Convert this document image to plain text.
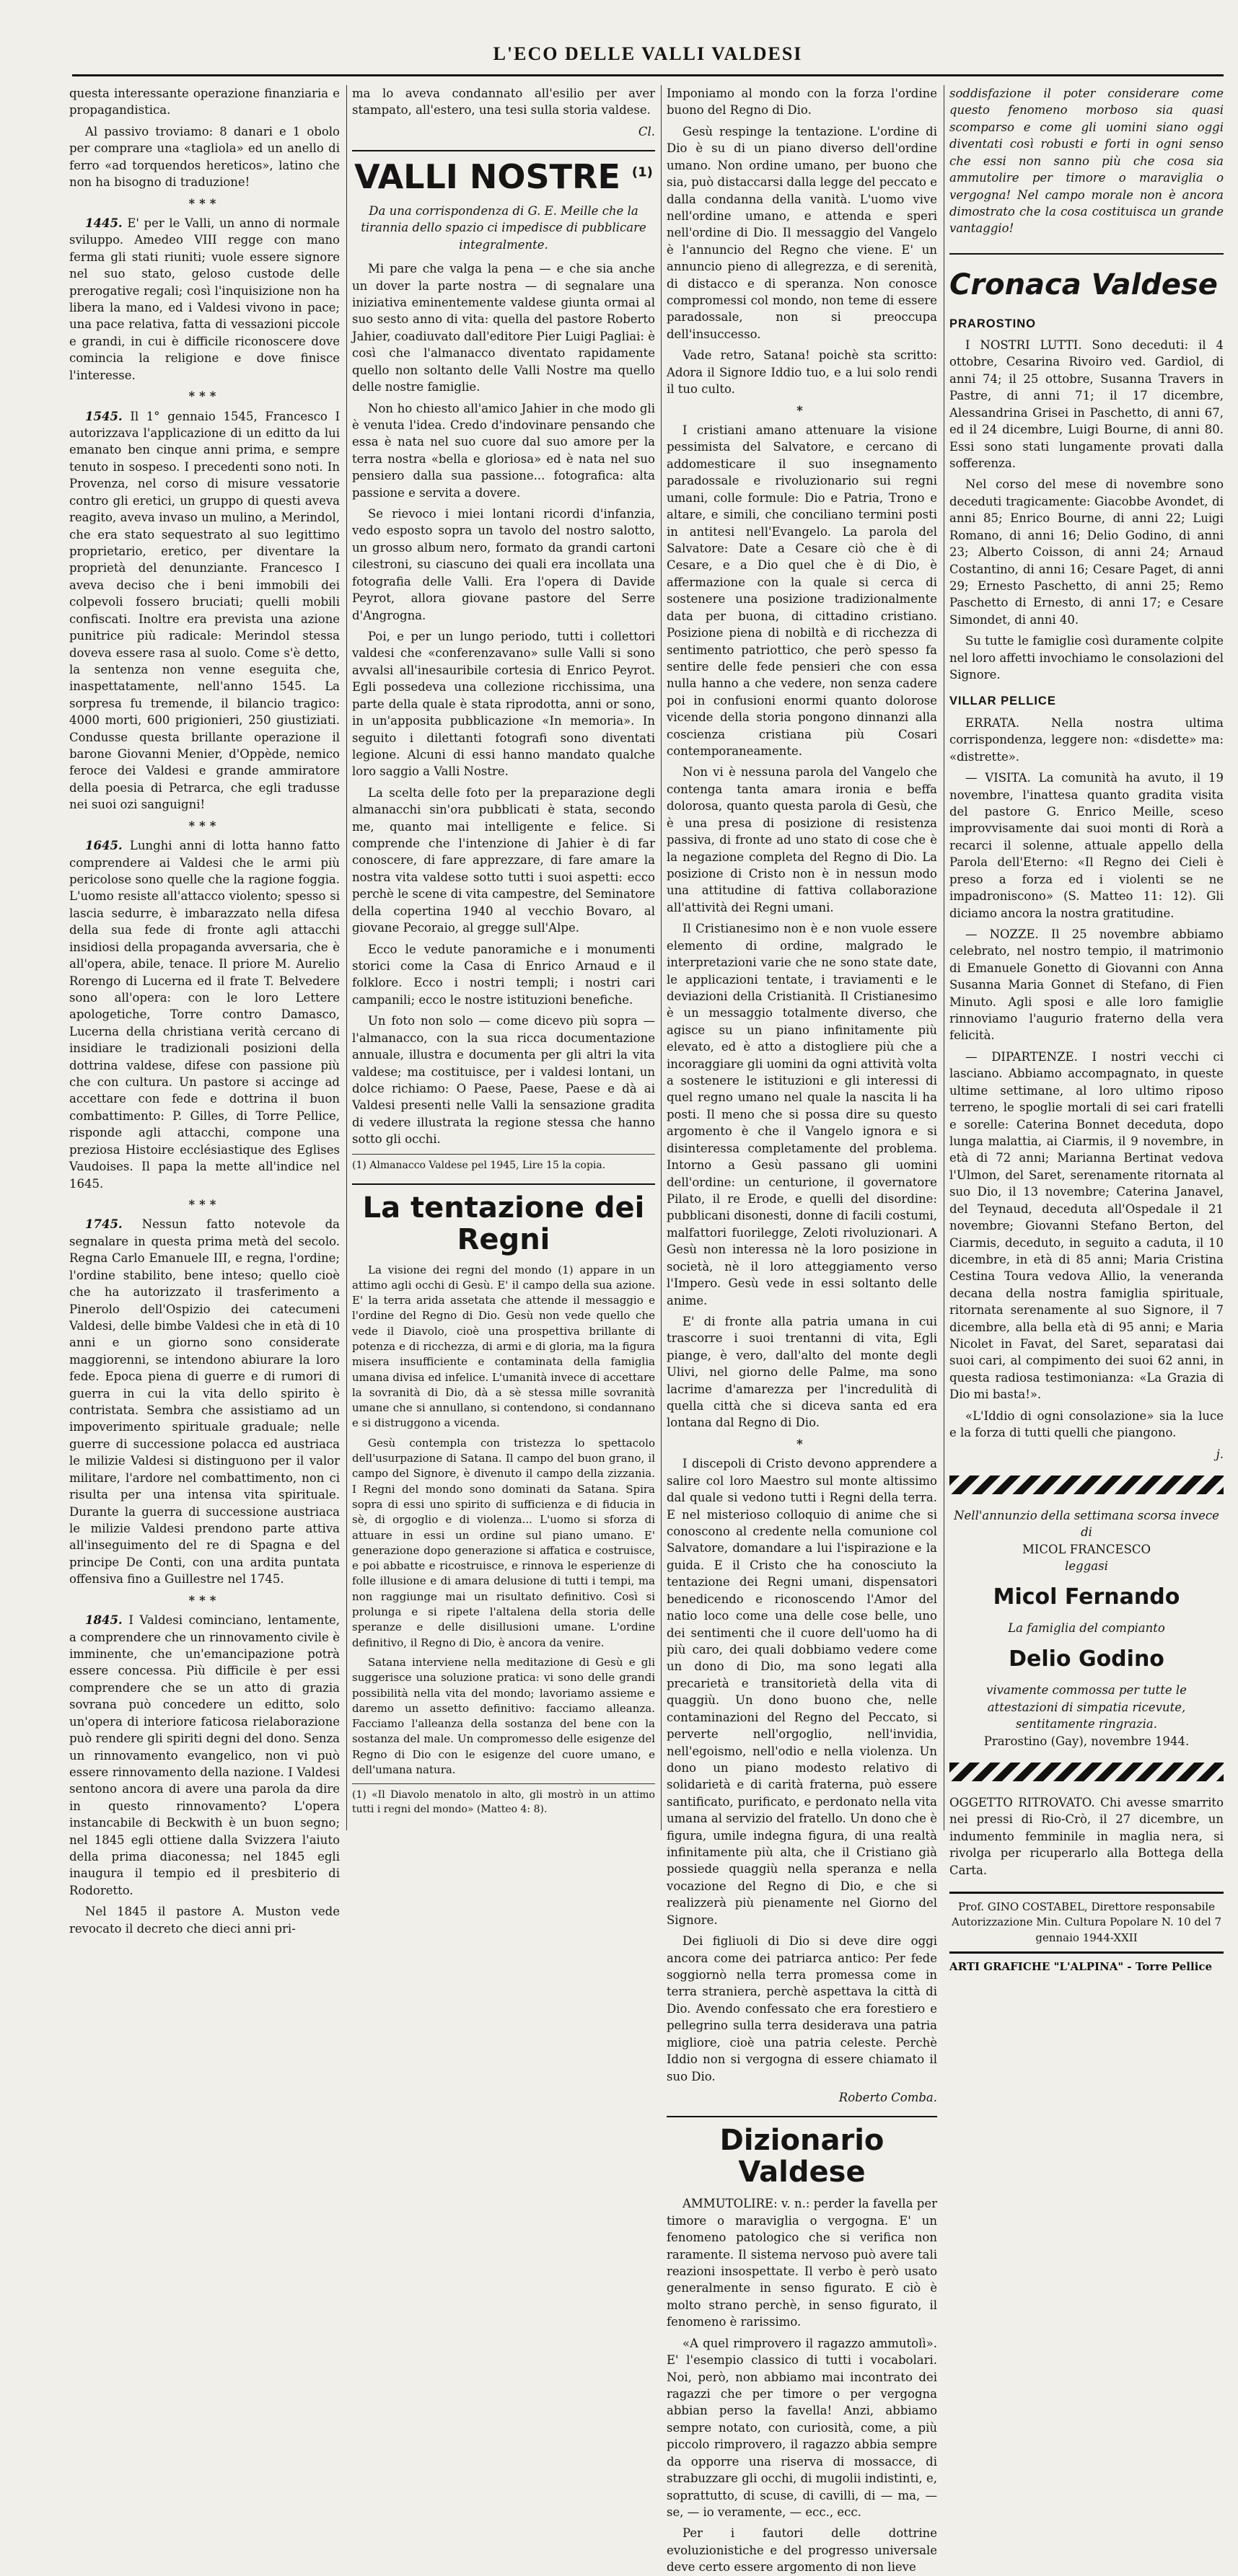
L'ECO DELLE VALLI VALDESI

questa interessante operazione finanziaria e propagandistica.

Al passivo troviamo: 8 danari e 1 obolo per comprare una «tagliola» ed un anello di ferro «ad torquendos hereticos», latino che non ha bisogno di traduzione!

***

1445. E' per le Valli, un anno di normale sviluppo. Amedeo VIII regge con mano ferma gli stati riuniti; vuole essere signore nel suo stato, geloso custode delle prerogative regali; così l'inquisizione non ha libera la mano, ed i Valdesi vivono in pace; una pace relativa, fatta di vessazioni piccole e grandi, in cui è difficile riconoscere dove comincia la religione e dove finisce l'interesse.

***

1545. Il 1° gennaio 1545, Francesco I autorizzava l'applicazione di un editto da lui emanato ben cinque anni prima, e sempre tenuto in sospeso. I precedenti sono noti. In Provenza, nel corso di misure vessatorie contro gli eretici, un gruppo di questi aveva reagito, aveva invaso un mulino, a Merindol, che era stato sequestrato al suo legittimo proprietario, eretico, per diventare la proprietà del denunziante. Francesco I aveva deciso che i beni immobili dei colpevoli fossero bruciati; quelli mobili confiscati. Inoltre era prevista una azione punitrice più radicale: Merindol stessa doveva essere rasa al suolo. Come s'è detto, la sentenza non venne eseguita che, inaspettatamente, nell'anno 1545. La sorpresa fu tremende, il bilancio tragico: 4000 morti, 600 prigionieri, 250 giustiziati. Condusse questa brillante operazione il barone Giovanni Menier, d'Oppède, nemico feroce dei Valdesi e grande ammiratore della poesia di Petrarca, che egli tradusse nei suoi ozi sanguigni!

***

1645. Lunghi anni di lotta hanno fatto comprendere ai Valdesi che le armi più pericolose sono quelle che la ragione foggia. L'uomo resiste all'attacco violento; spesso si lascia sedurre, è imbarazzato nella difesa della sua fede di fronte agli attacchi insidiosi della propaganda avversaria, che è all'opera, abile, tenace. Il priore M. Aurelio Rorengo di Lucerna ed il frate T. Belvedere sono all'opera: con le loro Lettere apologetiche, Torre contro Damasco, Lucerna della christiana verità cercano di insidiare le tradizionali posizioni della dottrina valdese, difese con passione più che con cultura. Un pastore si accinge ad accettare con fede e dottrina il buon combattimento: P. Gilles, di Torre Pellice, risponde agli attacchi, compone una preziosa Histoire ecclésiastique des Eglises Vaudoises. Il papa la mette all'indice nel 1645.

***

1745. Nessun fatto notevole da segnalare in questa prima metà del secolo. Regna Carlo Emanuele III, e regna, l'ordine; l'ordine stabilito, bene inteso; quello cioè che ha autorizzato il trasferimento a Pinerolo dell'Ospizio dei catecumeni Valdesi, delle bimbe Valdesi che in età di 10 anni e un giorno sono considerate maggiorenni, se intendono abiurare la loro fede. Epoca piena di guerre e di rumori di guerra in cui la vita dello spirito è contristata. Sembra che assistiamo ad un impoverimento spirituale graduale; nelle guerre di successione polacca ed austriaca le milizie Valdesi si distinguono per il valor militare, l'ardore nel combattimento, non ci risulta per una intensa vita spirituale. Durante la guerra di successione austriaca le milizie Valdesi prendono parte attiva all'inseguimento del re di Spagna e del principe De Conti, con una ardita puntata offensiva fino a Guillestre nel 1745.

***

1845. I Valdesi cominciano, lentamente, a comprendere che un rinnovamento civile è imminente, che un'emancipazione potrà essere concessa. Più difficile è per essi comprendere che se un atto di grazia sovrana può concedere un editto, solo un'opera di interiore faticosa rielaborazione può rendere gli spiriti degni del dono. Senza un rinnovamento evangelico, non vi può essere rinnovamento della nazione. I Valdesi sentono ancora di avere una parola da dire in questo rinnovamento? L'opera instancabile di Beckwith è un buon segno; nel 1845 egli ottiene dalla Svizzera l'aiuto della prima diaconessa; nel 1845 egli inaugura il tempio ed il presbiterio di Rodoretto.

Nel 1845 il pastore A. Muston vede revocato il decreto che dieci anni pri-

ma lo aveva condannato all'esilio per aver stampato, all'estero, una tesi sulla storia valdese.

Cl.

VALLI NOSTRE $^{(1)}$

Da una corrispondenza di G. E. Meille che la tirannia dello spazio ci impedisce di pubblicare integralmente.

Mi pare che valga la pena — e che sia anche un dover la parte nostra — di segnalare una iniziativa eminentemente valdese giunta ormai al suo sesto anno di vita: quella del pastore Roberto Jahier, coadiuvato dall'editore Pier Luigi Pagliai: è così che l'almanacco diventato rapidamente quello non soltanto delle Valli Nostre ma quello delle nostre famiglie.

Non ho chiesto all'amico Jahier in che modo gli è venuta l'idea. Credo d'indovinare pensando che essa è nata nel suo cuore dal suo amore per la terra nostra «bella e gloriosa» ed è nata nel suo pensiero dalla sua passione... fotografica: alta passione e servita a dovere.

Se rievoco i miei lontani ricordi d'infanzia, vedo esposto sopra un tavolo del nostro salotto, un grosso album nero, formato da grandi cartoni cilestroni, su ciascuno dei quali era incollata una fotografia delle Valli. Era l'opera di Davide Peyrot, allora giovane pastore del Serre d'Angrogna.

Poi, e per un lungo periodo, tutti i collettori valdesi che «conferenzavano» sulle Valli si sono avvalsi all'inesauribile cortesia di Enrico Peyrot. Egli possedeva una collezione ricchissima, una parte della quale è stata riprodotta, anni or sono, in un'apposita pubblicazione «In memoria». In seguito i dilettanti fotografi sono diventati legione. Alcuni di essi hanno mandato qualche loro saggio a Valli Nostre.

La scelta delle foto per la preparazione degli almanacchi sin'ora pubblicati è stata, secondo me, quanto mai intelligente e felice. Si comprende che l'intenzione di Jahier è di far conoscere, di fare apprezzare, di fare amare la nostra vita valdese sotto tutti i suoi aspetti: ecco perchè le scene di vita campestre, del Seminatore della copertina 1940 al vecchio Bovaro, al giovane Pecoraio, al gregge sull'Alpe.

Ecco le vedute panoramiche e i monumenti storici come la Casa di Enrico Arnaud e il folklore. Ecco i nostri templi; i nostri cari campanili; ecco le nostre istituzioni benefiche.

Un foto non solo — come dicevo più sopra — l'almanacco, con la sua ricca documentazione annuale, illustra e documenta per gli altri la vita valdese; ma costituisce, per i valdesi lontani, un dolce richiamo: O Paese, Paese, Paese e dà ai Valdesi presenti nelle Valli la sensazione gradita di vedere illustrata la regione stessa che hanno sotto gli occhi.

(1) Almanacco Valdese pel 1945, Lire 15 la copia.

La tentazione dei Regni

La visione dei regni del mondo (1) appare in un attimo agli occhi di Gesù. E' il campo della sua azione. E' la terra arida assetata che attende il messaggio e l'ordine del Regno di Dio. Gesù non vede quello che vede il Diavolo, cioè una prospettiva brillante di potenza e di ricchezza, di armi e di gloria, ma la figura misera insufficiente e contaminata della famiglia umana divisa ed infelice. L'umanità invece di accettare la sovranità di Dio, dà a sè stessa mille sovranità umane che si annullano, si contendono, si condannano e si distruggono a vicenda.

Gesù contempla con tristezza lo spettacolo dell'usurpazione di Satana. Il campo del buon grano, il campo del Signore, è divenuto il campo della zizzania. I Regni del mondo sono dominati da Satana. Spira sopra di essi uno spirito di sufficienza e di fiducia in sè, di orgoglio e di violenza... L'uomo si sforza di attuare in essi un ordine sul piano umano. E' generazione dopo generazione si affatica e costruisce, e poi abbatte e ricostruisce, e rinnova le esperienze di folle illusione e di amara delusione di tutti i tempi, ma non raggiunge mai un risultato definitivo. Così si prolunga e si ripete l'altalena della storia delle speranze e delle disillusioni umane. L'ordine definitivo, il Regno di Dio, è ancora da venire.

Satana interviene nella meditazione di Gesù e gli suggerisce una soluzione pratica: vi sono delle grandi possibilità nella vita del mondo; lavoriamo assieme e daremo un assetto definitivo: facciamo alleanza. Facciamo l'alleanza della sostanza del bene con la sostanza del male. Un compromesso delle esigenze del Regno di Dio con le esigenze del cuore umano, e dell'umana natura.

(1) «Il Diavolo menatolo in alto, gli mostrò in un attimo tutti i regni del mondo» (Matteo 4: 8).

Imponiamo al mondo con la forza l'ordine buono del Regno di Dio.

Gesù respinge la tentazione. L'ordine di Dio è su di un piano diverso dell'ordine umano. Non ordine umano, per buono che sia, può distaccarsi dalla legge del peccato e dalla condanna della vanità. L'uomo vive nell'ordine umano, e attenda e speri nell'ordine di Dio. Il messaggio del Vangelo è l'annuncio del Regno che viene. E' un annuncio pieno di allegrezza, e di serenità, di distacco e di speranza. Non conosce compromessi col mondo, non teme di essere paradossale, non si preoccupa dell'insuccesso.

Vade retro, Satana! poichè sta scritto: Adora il Signore Iddio tuo, e a lui solo rendi il tuo culto.

*

I cristiani amano attenuare la visione pessimista del Salvatore, e cercano di addomesticare il suo insegnamento paradossale e rivoluzionario sui regni umani, colle formule: Dio e Patria, Trono e altare, e simili, che conciliano termini posti in antitesi nell'Evangelo. La parola del Salvatore: Date a Cesare ciò che è di Cesare, e a Dio quel che è di Dio, è affermazione con la quale si cerca di sostenere una posizione tradizionalmente data per buona, di cittadino cristiano. Posizione piena di nobiltà e di ricchezza di sentimento patriottico, che però spesso fa sentire delle fede pensieri che con essa nulla hanno a che vedere, non senza cadere poi in confusioni enormi quanto dolorose vicende della storia pongono dinnanzi alla coscienza cristiana più Cosari contemporaneamente.

Non vi è nessuna parola del Vangelo che contenga tanta amara ironia e beffa dolorosa, quanto questa parola di Gesù, che è una presa di posizione di resistenza passiva, di fronte ad uno stato di cose che è la negazione completa del Regno di Dio. La posizione di Cristo non è in nessun modo una attitudine di fattiva collaborazione all'attività dei Regni umani.

Il Cristianesimo non è e non vuole essere elemento di ordine, malgrado le interpretazioni varie che ne sono state date, le applicazioni tentate, i traviamenti e le deviazioni della Cristianità. Il Cristianesimo è un messaggio totalmente diverso, che agisce su un piano infinitamente più elevato, ed è atto a distogliere più che a incoraggiare gli uomini da ogni attività volta a sostenere le istituzioni e gli interessi di quel regno umano nel quale la nascita li ha posti. Il meno che si possa dire su questo argomento è che il Vangelo ignora e si disinteressa completamente del problema. Intorno a Gesù passano gli uomini dell'ordine: un centurione, il governatore Pilato, il re Erode, e quelli del disordine: pubblicani disonesti, donne di facili costumi, malfattori fuorilegge, Zeloti rivoluzionari. A Gesù non interessa nè la loro posizione in società, nè il loro atteggiamento verso l'Impero. Gesù vede in essi soltanto delle anime.

E' di fronte alla patria umana in cui trascorre i suoi trentanni di vita, Egli piange, è vero, dall'alto del monte degli Ulivi, nel giorno delle Palme, ma sono lacrime d'amarezza per l'incredulità di quella città che si diceva santa ed era lontana dal Regno di Dio.

*

I discepoli di Cristo devono apprendere a salire col loro Maestro sul monte altissimo dal quale si vedono tutti i Regni della terra. E nel misterioso colloquio di anime che si conoscono al credente nella comunione col Salvatore, domandare a lui l'ispirazione e la guida. E il Cristo che ha conosciuto la tentazione dei Regni umani, dispensatori benedicendo e riconoscendo l'Amor del natio loco come una delle cose belle, uno dei sentimenti che il cuore dell'uomo ha di più caro, dei quali dobbiamo vedere come un dono di Dio, ma sono legati alla precarietà e transitorietà della vita di quaggiù. Un dono buono che, nelle contaminazioni del Regno del Peccato, si perverte nell'orgoglio, nell'invidia, nell'egoismo, nell'odio e nella violenza. Un dono un piano modesto relativo di solidarietà e di carità fraterna, può essere santificato, purificato, e perdonato nella vita umana al servizio del fratello. Un dono che è figura, umile indegna figura, di una realtà infinitamente più alta, che il Cristiano già possiede quaggiù nella speranza e nella vocazione del Regno di Dio, e che si realizzerà più pienamente nel Giorno del Signore.

Dei figliuoli di Dio si deve dire oggi ancora come dei patriarca antico: Per fede soggiornò nella terra promessa come in terra straniera, perchè aspettava la città di Dio. Avendo confessato che era forestiero e pellegrino sulla terra desiderava una patria migliore, cioè una patria celeste. Perchè Iddio non si vergogna di essere chiamato il suo Dio.

Roberto Comba.

Dizionario Valdese

AMMUTOLIRE: v. n.: perder la favella per timore o maraviglia o vergogna. E' un fenomeno patologico che si verifica non raramente. Il sistema nervoso può avere tali reazioni insospettate. Il verbo è però usato generalmente in senso figurato. E ciò è molto strano perchè, in senso figurato, il fenomeno è rarissimo.

«A quel rimprovero il ragazzo ammutolì». E' l'esempio classico di tutti i vocabolari. Noi, però, non abbiamo mai incontrato dei ragazzi che per timore o per vergogna abbian perso la favella! Anzi, abbiamo sempre notato, con curiosità, come, a più piccolo rimprovero, il ragazzo abbia sempre da opporre una riserva di mossacce, di strabuzzare gli occhi, di mugolii indistinti, e, soprattutto, di scuse, di cavilli, di — ma, — se, — io veramente, — ecc., ecc.

Per i fautori delle dottrine evoluzionistiche e del progresso universale deve certo essere argomento di non lieve

soddisfazione il poter considerare come questo fenomeno morboso sia quasi scomparso e come gli uomini siano oggi diventati così robusti e forti in ogni senso che essi non sanno più che cosa sia ammutolire per timore o maraviglia o vergogna! Nel campo morale non è ancora dimostrato che la cosa costituisca un grande vantaggio!

Cronaca Valdese
PRAROSTINO

I NOSTRI LUTTI. Sono deceduti: il 4 ottobre, Cesarina Rivoiro ved. Gardiol, di anni 74; il 25 ottobre, Susanna Travers in Pastre, di anni 71; il 17 dicembre, Alessandrina Grisei in Paschetto, di anni 67, ed il 24 dicembre, Luigi Bourne, di anni 80. Essi sono stati lungamente provati dalla sofferenza.

Nel corso del mese di novembre sono deceduti tragicamente: Giacobbe Avondet, di anni 85; Enrico Bourne, di anni 22; Luigi Romano, di anni 16; Delio Godino, di anni 23; Alberto Coisson, di anni 24; Arnaud Costantino, di anni 16; Cesare Paget, di anni 29; Ernesto Paschetto, di anni 25; Remo Paschetto di Ernesto, di anni 17; e Cesare Simondet, di anni 40.

Su tutte le famiglie così duramente colpite nel loro affetti invochiamo le consolazioni del Signore.

VILLAR PELLICE

ERRATA. Nella nostra ultima corrispondenza, leggere non: «disdette» ma: «distrette».

— VISITA. La comunità ha avuto, il 19 novembre, l'inattesa quanto gradita visita del pastore G. Enrico Meille, sceso improvvisamente dai suoi monti di Rorà a recarci il solenne, attuale appello della Parola dell'Eterno: «Il Regno dei Cieli è preso a forza ed i violenti se ne impadroniscono» (S. Matteo 11: 12). Gli diciamo ancora la nostra gratitudine.

— NOZZE. Il 25 novembre abbiamo celebrato, nel nostro tempio, il matrimonio di Emanuele Gonetto di Giovanni con Anna Susanna Maria Gonnet di Stefano, di Fien Minuto. Agli sposi e alle loro famiglie rinnoviamo l'augurio fraterno della vera felicità.

— DIPARTENZE. I nostri vecchi ci lasciano. Abbiamo accompagnato, in queste ultime settimane, al loro ultimo riposo terreno, le spoglie mortali di sei cari fratelli e sorelle: Caterina Bonnet deceduta, dopo lunga malattia, ai Ciarmis, il 9 novembre, in età di 72 anni; Marianna Bertinat vedova l'Ulmon, del Saret, serenamente ritornata al suo Dio, il 13 novembre; Caterina Janavel, del Teynaud, deceduta all'Ospedale il 21 novembre; Giovanni Stefano Berton, del Ciarmis, deceduto, in seguito a caduta, il 10 dicembre, in età di 85 anni; Maria Cristina Cestina Toura vedova Allio, la veneranda decana della nostra famiglia spirituale, ritornata serenamente al suo Signore, il 7 dicembre, alla bella età di 95 anni; e Maria Nicolet in Favat, del Saret, separatasi dai suoi cari, al compimento dei suoi 62 anni, in questa radiosa testimonianza: «La Grazia di Dio mi basta!».

«L'Iddio di ogni consolazione» sia la luce e la forza di tutti quelli che piangono.

j.

Nell'annunzio della settimana scorsa invece di

MICOL FRANCESCO

leggasi

Micol Fernando

La famiglia del compianto

Delio Godino

vivamente commossa per tutte le attestazioni di simpatia ricevute, sentitamente ringrazia.

Prarostino (Gay), novembre 1944.

OGGETTO RITROVATO. Chi avesse smarrito nei pressi di Rio-Crò, il 27 dicembre, un indumento femminile in maglia nera, si rivolga per ricuperarlo alla Bottega della Carta.

Prof. GINO COSTABEL, Direttore responsabile

Autorizzazione Min. Cultura Popolare N. 10 del 7 gennaio 1944-XXII

ARTI GRAFICHE "L'ALPINA" - Torre Pellice
